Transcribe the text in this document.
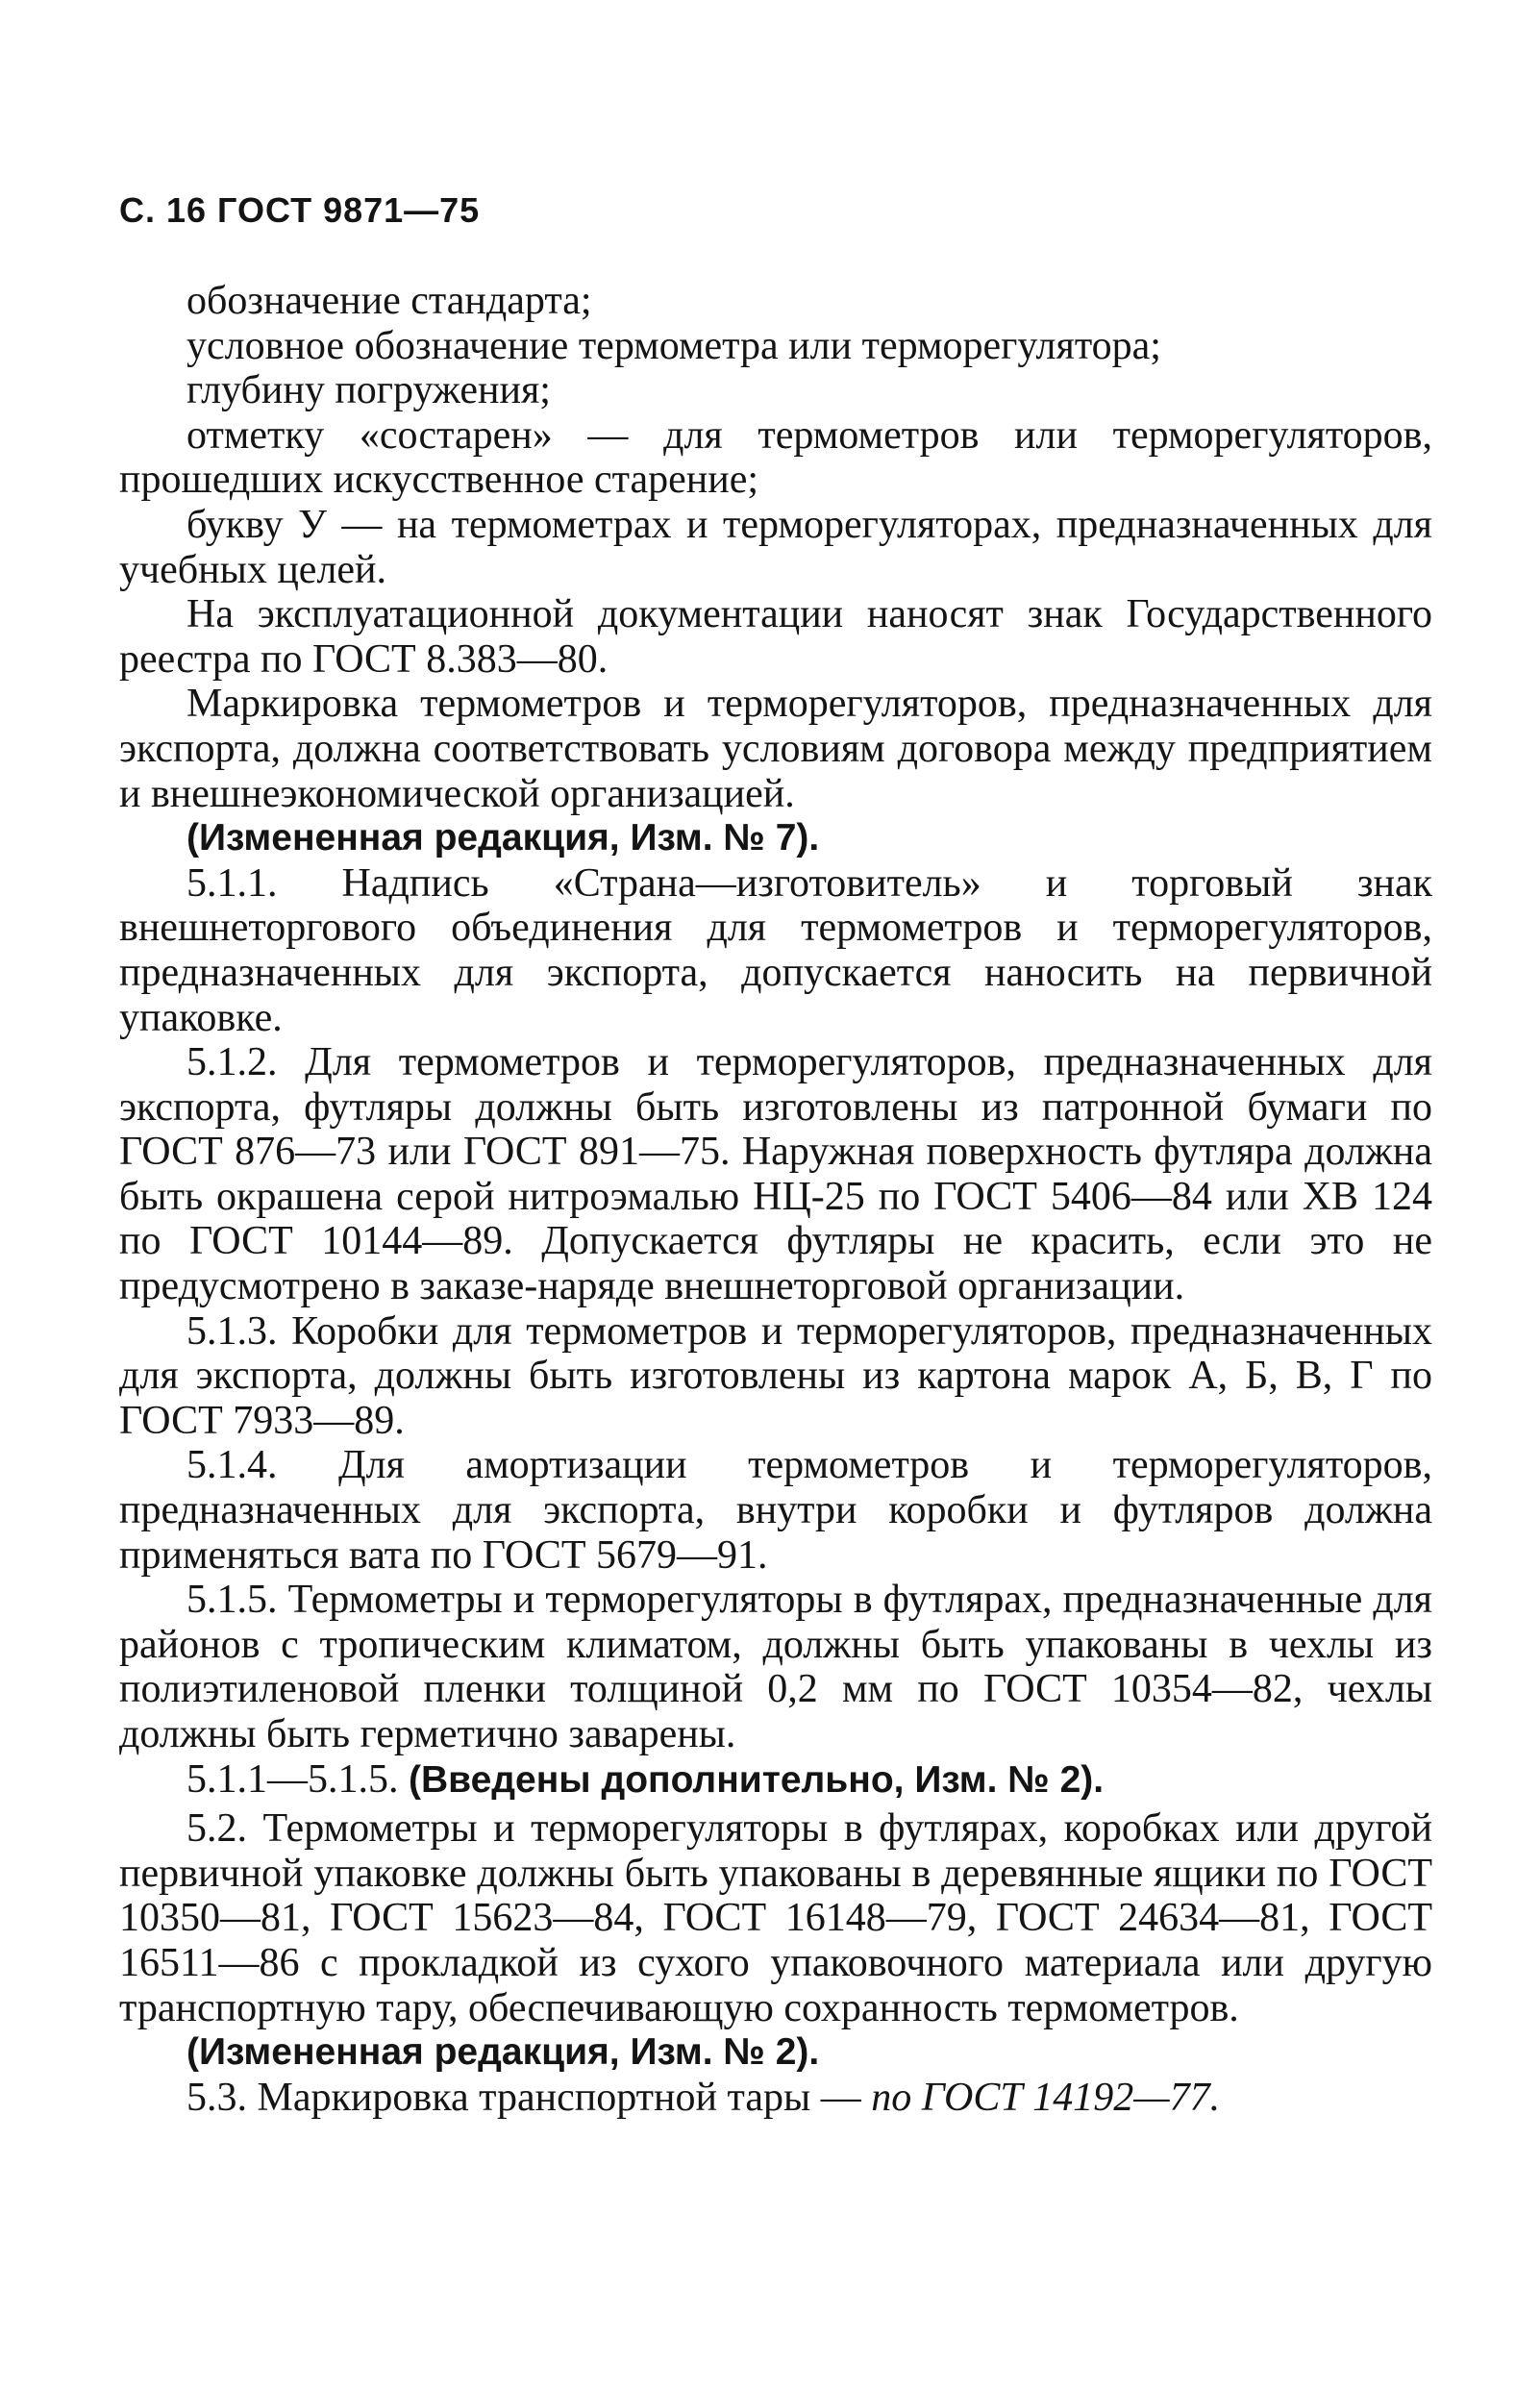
С. 16 ГОСТ 9871—75

обозначение стандарта;

условное обозначение термометра или терморегулятора;

глубину погружения;

отметку «состарен» — для термометров или терморегуляторов, прошедших искусственное старение;

букву У — на термометрах и терморегуляторах, предназначенных для учебных целей.

На эксплуатационной документации наносят знак Государственного реестра по ГОСТ 8.383—80.

Маркировка термометров и терморегуляторов, предназначенных для экспорта, должна соответствовать условиям договора между предприятием и внешнеэкономической организацией.

(Измененная редакция, Изм. № 7).

5.1.1. Надпись «Страна—изготовитель» и торговый знак внешнеторгового объединения для термометров и терморегуляторов, предназначенных для экспорта, допускается наносить на первичной упаковке.

5.1.2. Для термометров и терморегуляторов, предназначенных для экспорта, футляры должны быть изготовлены из патронной бумаги по ГОСТ 876—73 или ГОСТ 891—75. Наружная поверхность футляра должна быть окрашена серой нитроэмалью НЦ-25 по ГОСТ 5406—84 или ХВ 124 по ГОСТ 10144—89. Допускается футляры не красить, если это не предусмотрено в заказе-наряде внешнеторговой организации.

5.1.3. Коробки для термометров и терморегуляторов, предназначенных для экспорта, должны быть изготовлены из картона марок А, Б, В, Г по ГОСТ 7933—89.

5.1.4. Для амортизации термометров и терморегуляторов, предназначенных для экспорта, внутри коробки и футляров должна применяться вата по ГОСТ 5679—91.

5.1.5. Термометры и терморегуляторы в футлярах, предназначенные для районов с тропическим климатом, должны быть упакованы в чехлы из полиэтиленовой пленки толщиной 0,2 мм по ГОСТ 10354—82, чехлы должны быть герметично заварены.

5.1.1—5.1.5. (Введены дополнительно, Изм. № 2).

5.2. Термометры и терморегуляторы в футлярах, коробках или другой первичной упаковке должны быть упакованы в деревянные ящики по ГОСТ 10350—81, ГОСТ 15623—84, ГОСТ 16148—79, ГОСТ 24634—81, ГОСТ 16511—86 с прокладкой из сухого упаковочного материала или другую транспортную тару, обеспечивающую сохранность термометров.

(Измененная редакция, Изм. № 2).

5.3. Маркировка транспортной тары — по ГОСТ 14192—77.
